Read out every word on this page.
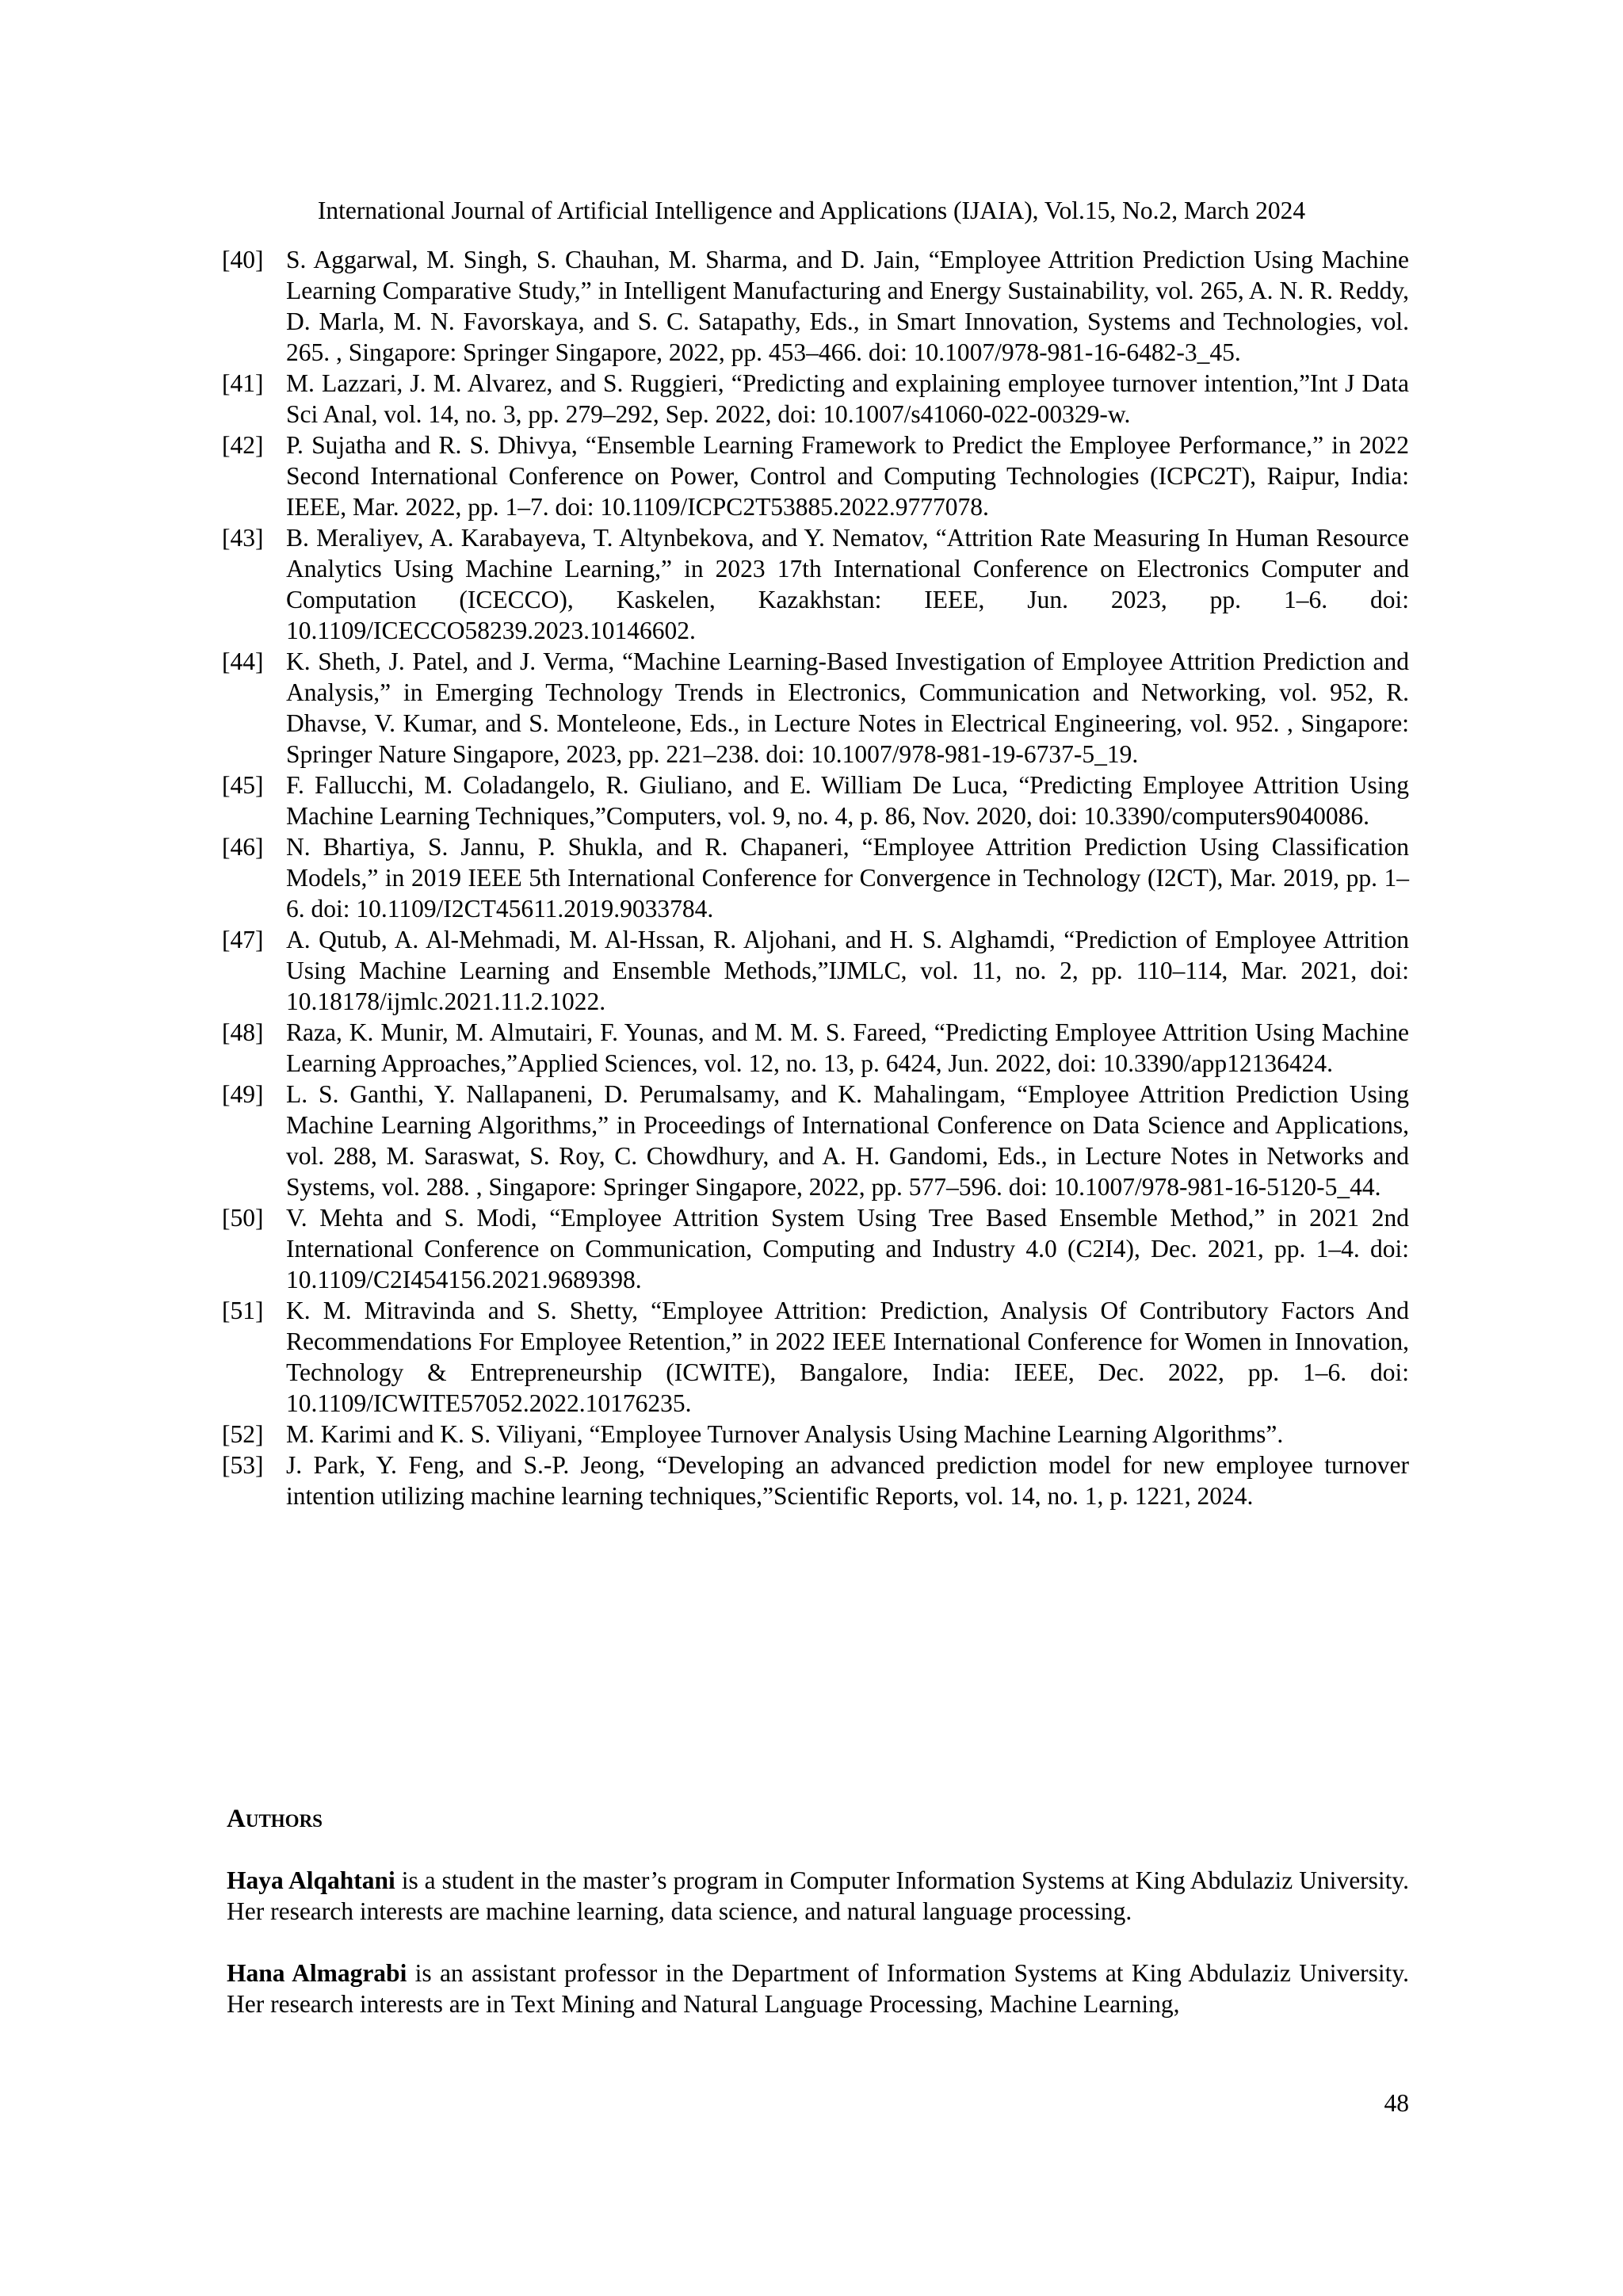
International Journal of Artificial Intelligence and Applications (IJAIA), Vol.15, No.2, March 2024
[40] S. Aggarwal, M. Singh, S. Chauhan, M. Sharma, and D. Jain, “Employee Attrition Prediction Using Machine Learning Comparative Study,” in Intelligent Manufacturing and Energy Sustainability, vol. 265, A. N. R. Reddy, D. Marla, M. N. Favorskaya, and S. C. Satapathy, Eds., in Smart Innovation, Systems and Technologies, vol. 265. , Singapore: Springer Singapore, 2022, pp. 453–466. doi: 10.1007/978-981-16-6482-3_45.
[41] M. Lazzari, J. M. Alvarez, and S. Ruggieri, “Predicting and explaining employee turnover intention,”Int J Data Sci Anal, vol. 14, no. 3, pp. 279–292, Sep. 2022, doi: 10.1007/s41060-022-00329-w.
[42] P. Sujatha and R. S. Dhivya, “Ensemble Learning Framework to Predict the Employee Performance,” in 2022 Second International Conference on Power, Control and Computing Technologies (ICPC2T), Raipur, India: IEEE, Mar. 2022, pp. 1–7. doi: 10.1109/ICPC2T53885.2022.9777078.
[43] B. Meraliyev, A. Karabayeva, T. Altynbekova, and Y. Nematov, “Attrition Rate Measuring In Human Resource Analytics Using Machine Learning,” in 2023 17th International Conference on Electronics Computer and Computation (ICECCO), Kaskelen, Kazakhstan: IEEE, Jun. 2023, pp. 1–6. doi: 10.1109/ICECCO58239.2023.10146602.
[44] K. Sheth, J. Patel, and J. Verma, “Machine Learning-Based Investigation of Employee Attrition Prediction and Analysis,” in Emerging Technology Trends in Electronics, Communication and Networking, vol. 952, R. Dhavse, V. Kumar, and S. Monteleone, Eds., in Lecture Notes in Electrical Engineering, vol. 952. , Singapore: Springer Nature Singapore, 2023, pp. 221–238. doi: 10.1007/978-981-19-6737-5_19.
[45] F. Fallucchi, M. Coladangelo, R. Giuliano, and E. William De Luca, “Predicting Employee Attrition Using Machine Learning Techniques,”Computers, vol. 9, no. 4, p. 86, Nov. 2020, doi: 10.3390/computers9040086.
[46] N. Bhartiya, S. Jannu, P. Shukla, and R. Chapaneri, “Employee Attrition Prediction Using Classification Models,” in 2019 IEEE 5th International Conference for Convergence in Technology (I2CT), Mar. 2019, pp. 1–6. doi: 10.1109/I2CT45611.2019.9033784.
[47] A. Qutub, A. Al-Mehmadi, M. Al-Hssan, R. Aljohani, and H. S. Alghamdi, “Prediction of Employee Attrition Using Machine Learning and Ensemble Methods,”IJMLC, vol. 11, no. 2, pp. 110–114, Mar. 2021, doi: 10.18178/ijmlc.2021.11.2.1022.
[48] Raza, K. Munir, M. Almutairi, F. Younas, and M. M. S. Fareed, “Predicting Employee Attrition Using Machine Learning Approaches,”Applied Sciences, vol. 12, no. 13, p. 6424, Jun. 2022, doi: 10.3390/app12136424.
[49] L. S. Ganthi, Y. Nallapaneni, D. Perumalsamy, and K. Mahalingam, “Employee Attrition Prediction Using Machine Learning Algorithms,” in Proceedings of International Conference on Data Science and Applications, vol. 288, M. Saraswat, S. Roy, C. Chowdhury, and A. H. Gandomi, Eds., in Lecture Notes in Networks and Systems, vol. 288. , Singapore: Springer Singapore, 2022, pp. 577–596. doi: 10.1007/978-981-16-5120-5_44.
[50] V. Mehta and S. Modi, “Employee Attrition System Using Tree Based Ensemble Method,” in 2021 2nd International Conference on Communication, Computing and Industry 4.0 (C2I4), Dec. 2021, pp. 1–4. doi: 10.1109/C2I454156.2021.9689398.
[51] K. M. Mitravinda and S. Shetty, “Employee Attrition: Prediction, Analysis Of Contributory Factors And Recommendations For Employee Retention,” in 2022 IEEE International Conference for Women in Innovation, Technology & Entrepreneurship (ICWITE), Bangalore, India: IEEE, Dec. 2022, pp. 1–6. doi: 10.1109/ICWITE57052.2022.10176235.
[52] M. Karimi and K. S. Viliyani, “Employee Turnover Analysis Using Machine Learning Algorithms”.
[53] J. Park, Y. Feng, and S.-P. Jeong, “Developing an advanced prediction model for new employee turnover intention utilizing machine learning techniques,”Scientific Reports, vol. 14, no. 1, p. 1221, 2024.
Authors

Haya Alqahtani is a student in the master’s program in Computer Information Systems at King Abdulaziz University. Her research interests are machine learning, data science, and natural language processing.

Hana Almagrabi is an assistant professor in the Department of Information Systems at King Abdulaziz University. Her research interests are in Text Mining and Natural Language Processing, Machine Learning,

48
